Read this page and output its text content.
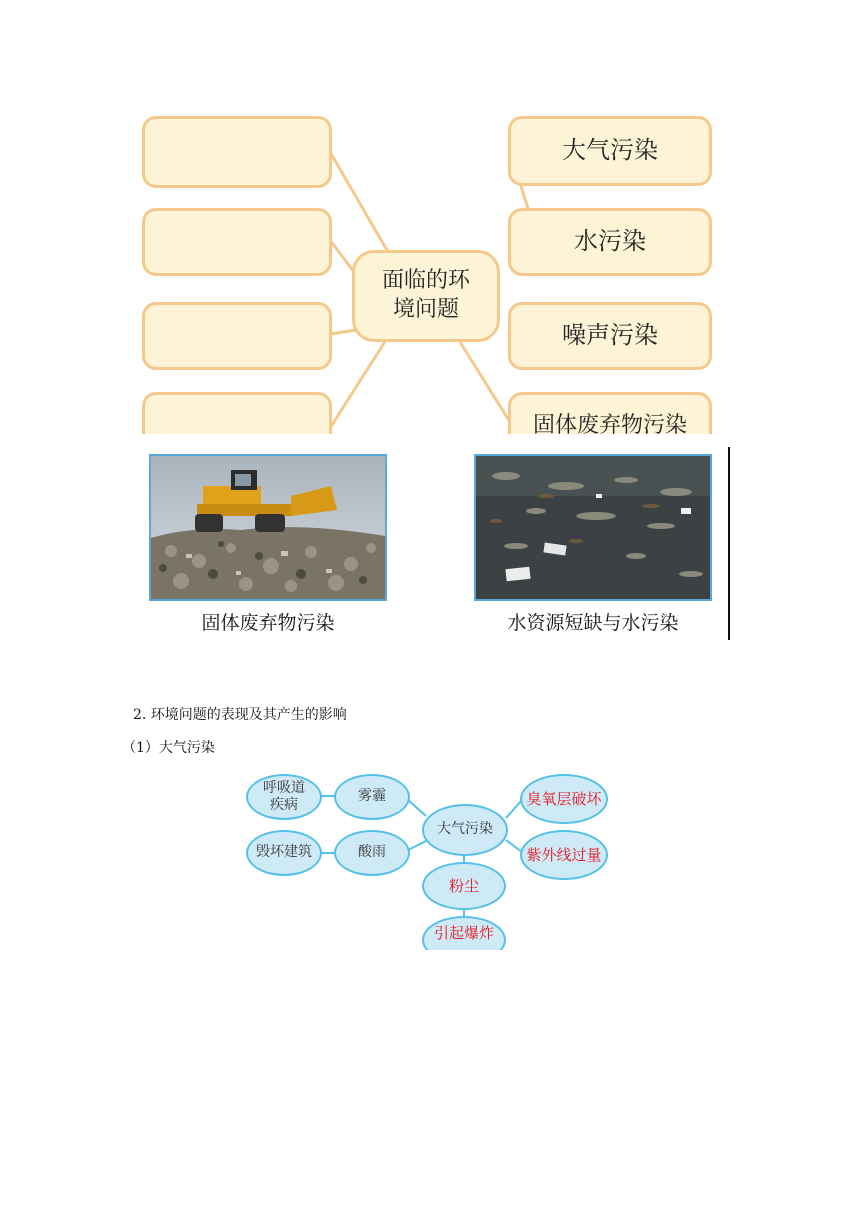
面临的环境问题
大气污染
水污染
噪声污染
固体废弃物污染
固体废弃物污染	水资源短缺与水污染
2. 环境问题的表现及其产生的影响
（1）大气污染
呼吸道疾病
雾霾
毁坏建筑	酸雨
大气污染
臭氧层破坏
紫外线过量
粉尘
引起爆炸
